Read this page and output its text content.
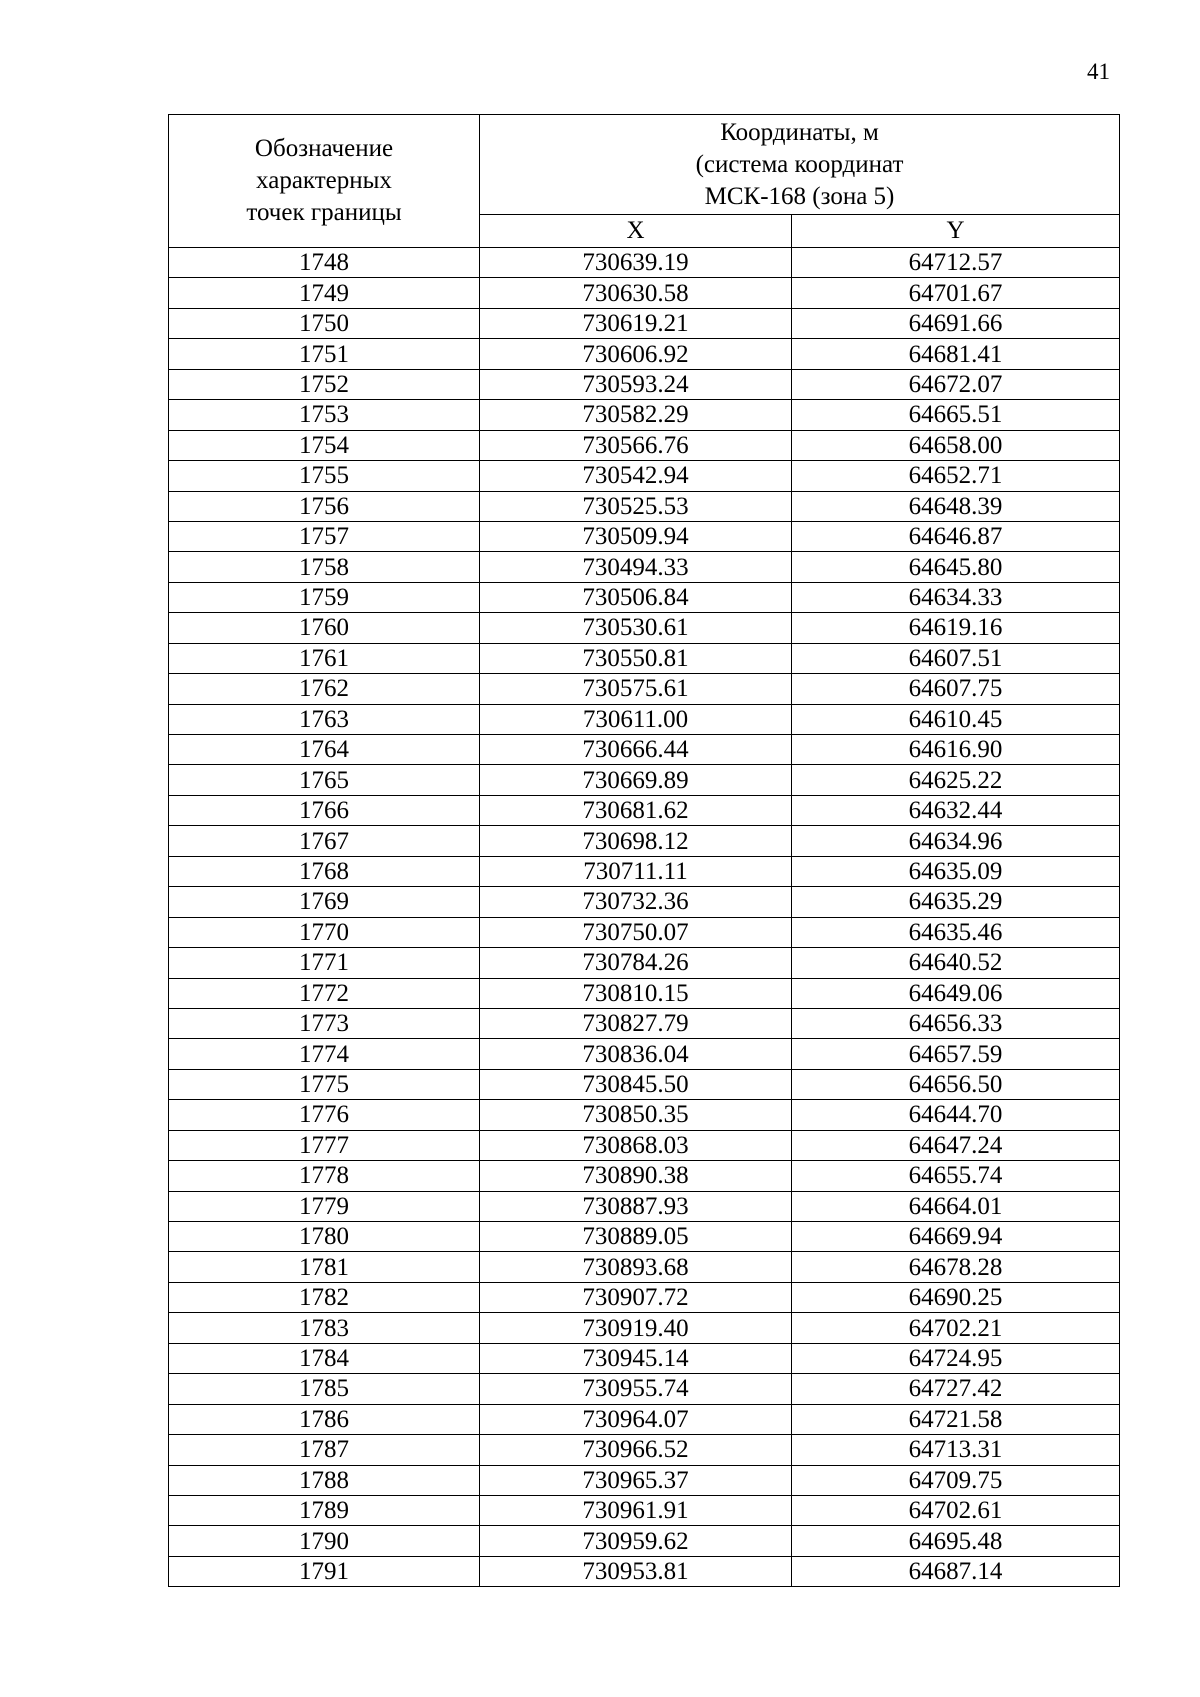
41
Обозначение
характерных
точек границы	Координаты, м
(система координат
МСК-168 (зона 5)	

	X	Y
1748	730639.19	64712.57
1749	730630.58	64701.67
1750	730619.21	64691.66
1751	730606.92	64681.41
1752	730593.24	64672.07
1753	730582.29	64665.51
1754	730566.76	64658.00
1755	730542.94	64652.71
1756	730525.53	64648.39
1757	730509.94	64646.87
1758	730494.33	64645.80
1759	730506.84	64634.33
1760	730530.61	64619.16
1761	730550.81	64607.51
1762	730575.61	64607.75
1763	730611.00	64610.45
1764	730666.44	64616.90
1765	730669.89	64625.22
1766	730681.62	64632.44
1767	730698.12	64634.96
1768	730711.11	64635.09
1769	730732.36	64635.29
1770	730750.07	64635.46
1771	730784.26	64640.52
1772	730810.15	64649.06
1773	730827.79	64656.33
1774	730836.04	64657.59
1775	730845.50	64656.50
1776	730850.35	64644.70
1777	730868.03	64647.24
1778	730890.38	64655.74
1779	730887.93	64664.01
1780	730889.05	64669.94
1781	730893.68	64678.28
1782	730907.72	64690.25
1783	730919.40	64702.21
1784	730945.14	64724.95
1785	730955.74	64727.42
1786	730964.07	64721.58
1787	730966.52	64713.31
1788	730965.37	64709.75
1789	730961.91	64702.61
1790	730959.62	64695.48
1791	730953.81	64687.14
